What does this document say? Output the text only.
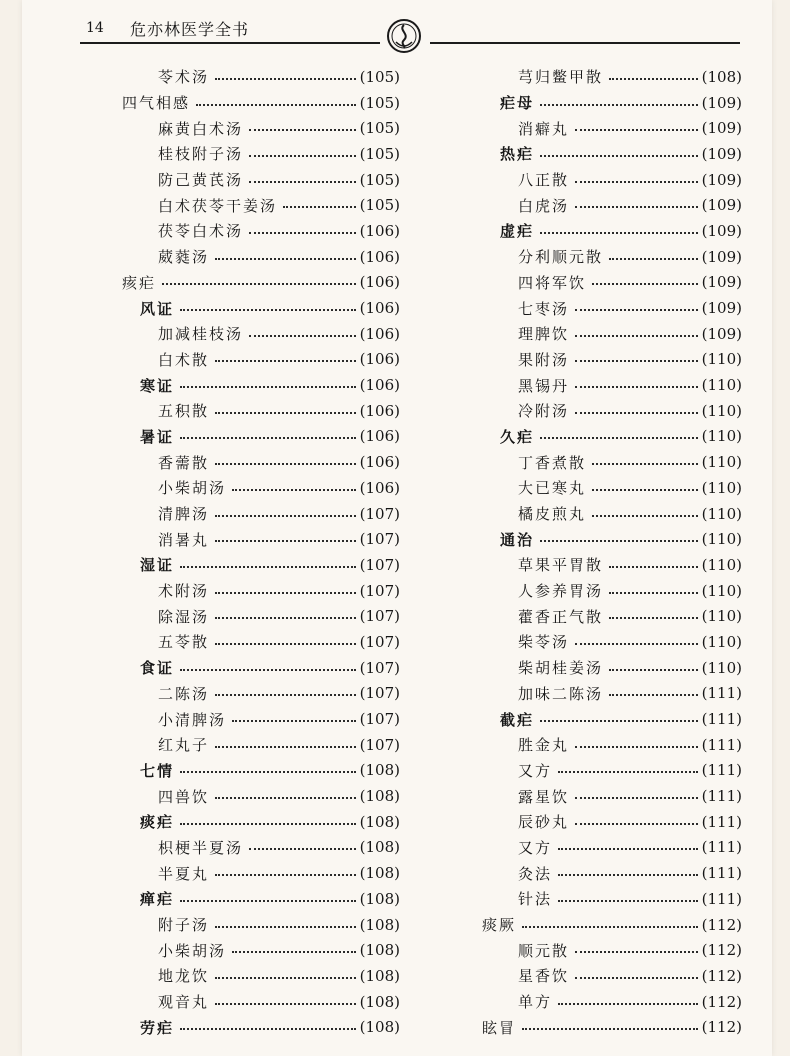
14 危亦林医学全书
苓术汤	(105)
四气相感	(105)
麻黄白术汤	(105)
桂枝附子汤	(105)
防己黄芪汤	(105)
白术茯苓干姜汤	(105)
茯苓白术汤	(106)
葳蕤汤	(106)
痎疟	(106)
风证	(106)
加减桂枝汤	(106)
白术散	(106)
寒证	(106)
五积散	(106)
暑证	(106)
香薷散	(106)
小柴胡汤	(106)
清脾汤	(107)
消暑丸	(107)
湿证	(107)
术附汤	(107)
除湿汤	(107)
五苓散	(107)
食证	(107)
二陈汤	(107)
小清脾汤	(107)
红丸子	(107)
七情	(108)
四兽饮	(108)
痰疟	(108)
枳梗半夏汤	(108)
半夏丸	(108)
瘅疟	(108)
附子汤	(108)
小柴胡汤	(108)
地龙饮	(108)
观音丸	(108)
劳疟	(108)
芎归鳖甲散	(108)
疟母	(109)
消癖丸	(109)
热疟	(109)
八正散	(109)
白虎汤	(109)
虚疟	(109)
分利顺元散	(109)
四将军饮	(109)
七枣汤	(109)
理脾饮	(109)
果附汤	(110)
黑锡丹	(110)
冷附汤	(110)
久疟	(110)
丁香煮散	(110)
大已寒丸	(110)
橘皮煎丸	(110)
通治	(110)
草果平胃散	(110)
人参养胃汤	(110)
藿香正气散	(110)
柴苓汤	(110)
柴胡桂姜汤	(110)
加味二陈汤	(111)
截疟	(111)
胜金丸	(111)
又方	(111)
露星饮	(111)
辰砂丸	(111)
又方	(111)
灸法	(111)
针法	(111)
痰厥	(112)
顺元散	(112)
星香饮	(112)
单方	(112)
眩冒	(112)
